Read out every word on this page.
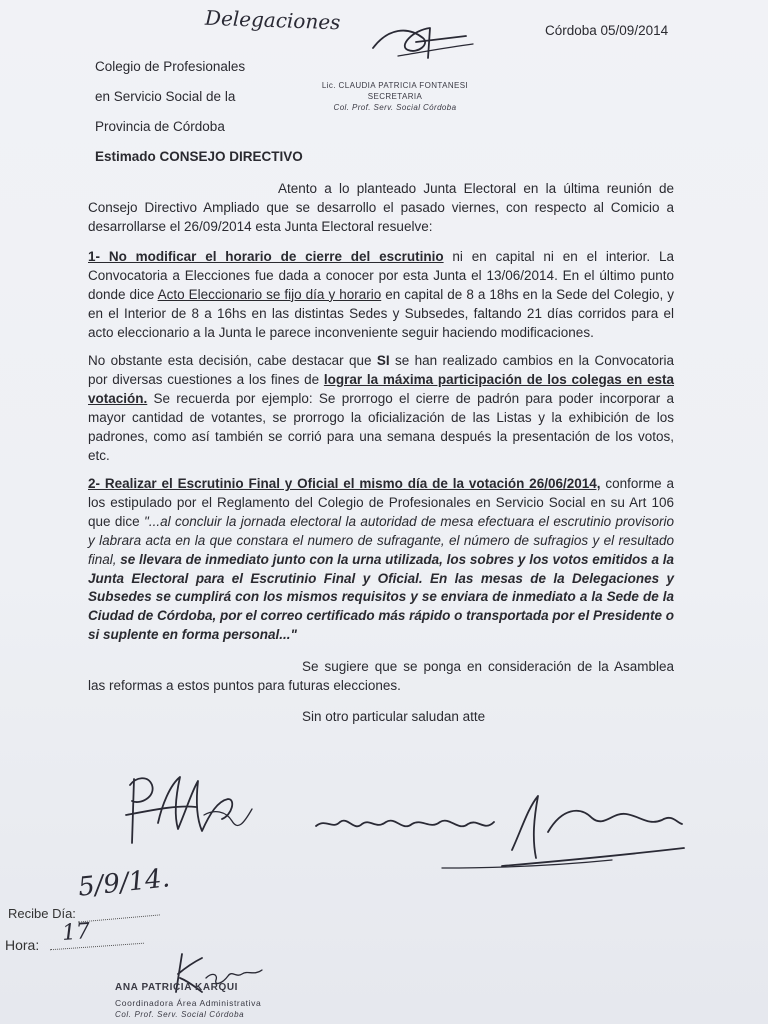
Delegaciones	Córdoba 05/09/2014
Colegio de Profesionales
en Servicio Social de la
Provincia de Córdoba
Lic. CLAUDIA PATRICIA FONTANESI
SECRETARIA
Col. Prof. Serv. Social Córdoba
Estimado CONSEJO DIRECTIVO

Atento a lo planteado Junta Electoral en la última reunión de Consejo Directivo Ampliado que se desarrollo el pasado viernes, con respecto al Comicio a desarrollarse el 26/09/2014 esta Junta Electoral resuelve:

1- No modificar el horario de cierre del escrutinio ni en capital ni en el interior. La Convocatoria a Elecciones fue dada a conocer por esta Junta el 13/06/2014. En el último punto donde dice Acto Eleccionario se fijo día y horario en capital de 8 a 18hs en la Sede del Colegio, y en el Interior de 8 a 16hs en las distintas Sedes y Subsedes, faltando 21 días corridos para el acto eleccionario a la Junta le parece inconveniente seguir haciendo modificaciones.

No obstante esta decisión, cabe destacar que SI se han realizado cambios en la Convocatoria por diversas cuestiones a los fines de lograr la máxima participación de los colegas en esta votación. Se recuerda por ejemplo: Se prorrogo el cierre de padrón para poder incorporar a mayor cantidad de votantes, se prorrogo la oficialización de las Listas y la exhibición de los padrones, como así también se corrió para una semana después la presentación de los votos, etc.

2- Realizar el Escrutinio Final y Oficial el mismo día de la votación 26/06/2014, conforme a los estipulado por el Reglamento del Colegio de Profesionales en Servicio Social en su Art 106 que dice "...al concluir la jornada electoral la autoridad de mesa efectuara el escrutinio provisorio y labrara acta en la que constara el numero de sufragante, el número de sufragios y el resultado final, se llevara de inmediato junto con la urna utilizada, los sobres y los votos emitidos a la Junta Electoral para el Escrutinio Final y Oficial. En las mesas de la Delegaciones y Subsedes se cumplirá con los mismos requisitos y se enviara de inmediato a la Sede de la Ciudad de Córdoba, por el correo certificado más rápido o transportada por el Presidente o si suplente en forma personal..."

Se sugiere que se ponga en consideración de la Asamblea las reformas a estos puntos para futuras elecciones.

Sin otro particular saludan atte
5/9/14.
Recibe Día:
Hora: 17
ANA PATRICIA KARQUI
Coordinadora Área Administrativa
Col. Prof. Serv. Social Córdoba
